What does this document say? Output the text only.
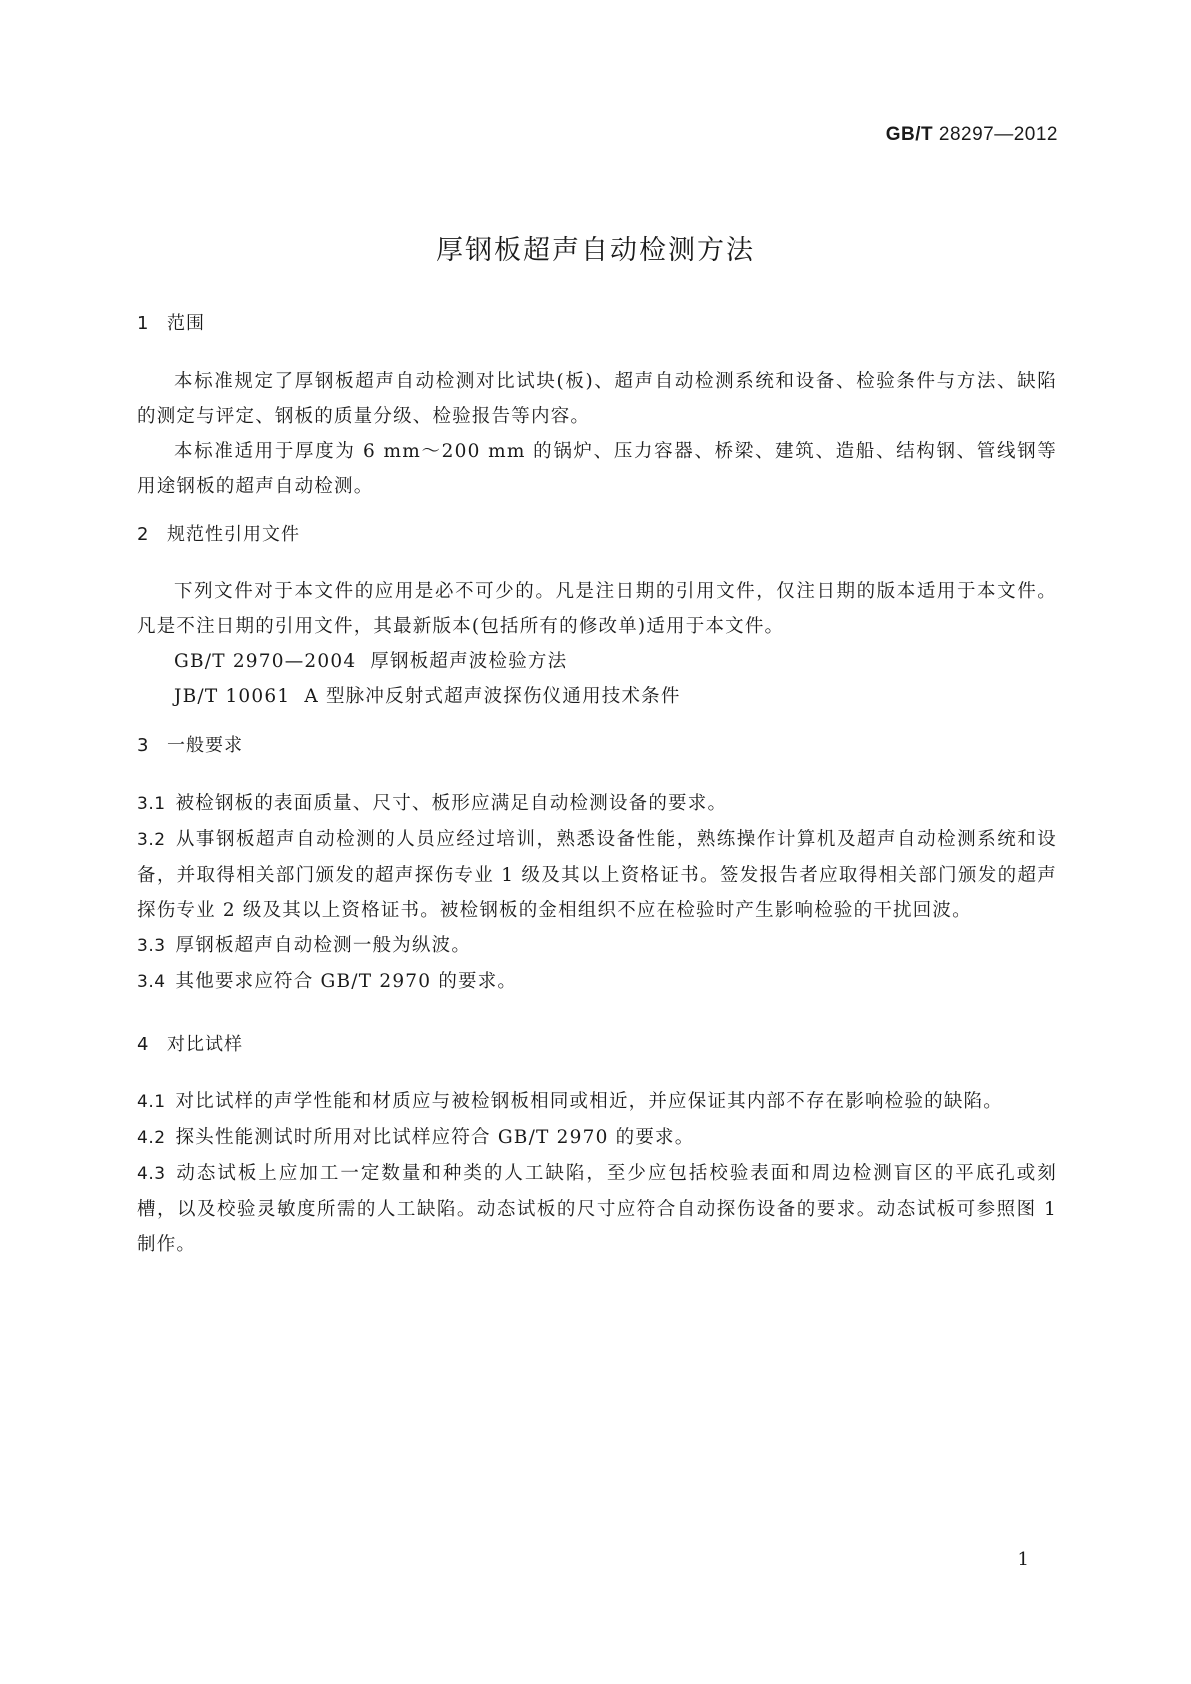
GB/T 28297—2012
厚钢板超声自动检测方法
1 范围

本标准规定了厚钢板超声自动检测对比试块(板)、超声自动检测系统和设备、检验条件与方法、缺陷的测定与评定、钢板的质量分级、检验报告等内容。

本标准适用于厚度为 6 mm～200 mm 的锅炉、压力容器、桥梁、建筑、造船、结构钢、管线钢等用途钢板的超声自动检测。

2 规范性引用文件

下列文件对于本文件的应用是必不可少的。凡是注日期的引用文件，仅注日期的版本适用于本文件。凡是不注日期的引用文件，其最新版本(包括所有的修改单)适用于本文件。

GB/T 2970—2004 厚钢板超声波检验方法
JB/T 10061 A 型脉冲反射式超声波探伤仪通用技术条件
3 一般要求
3.1 被检钢板的表面质量、尺寸、板形应满足自动检测设备的要求。
3.2 从事钢板超声自动检测的人员应经过培训，熟悉设备性能，熟练操作计算机及超声自动检测系统和设备，并取得相关部门颁发的超声探伤专业 1 级及其以上资格证书。签发报告者应取得相关部门颁发的超声探伤专业 2 级及其以上资格证书。被检钢板的金相组织不应在检验时产生影响检验的干扰回波。
3.3 厚钢板超声自动检测一般为纵波。
3.4 其他要求应符合 GB/T 2970 的要求。
4 对比试样
4.1 对比试样的声学性能和材质应与被检钢板相同或相近，并应保证其内部不存在影响检验的缺陷。
4.2 探头性能测试时所用对比试样应符合 GB/T 2970 的要求。
4.3 动态试板上应加工一定数量和种类的人工缺陷，至少应包括校验表面和周边检测盲区的平底孔或刻槽，以及校验灵敏度所需的人工缺陷。动态试板的尺寸应符合自动探伤设备的要求。动态试板可参照图 1 制作。
1
